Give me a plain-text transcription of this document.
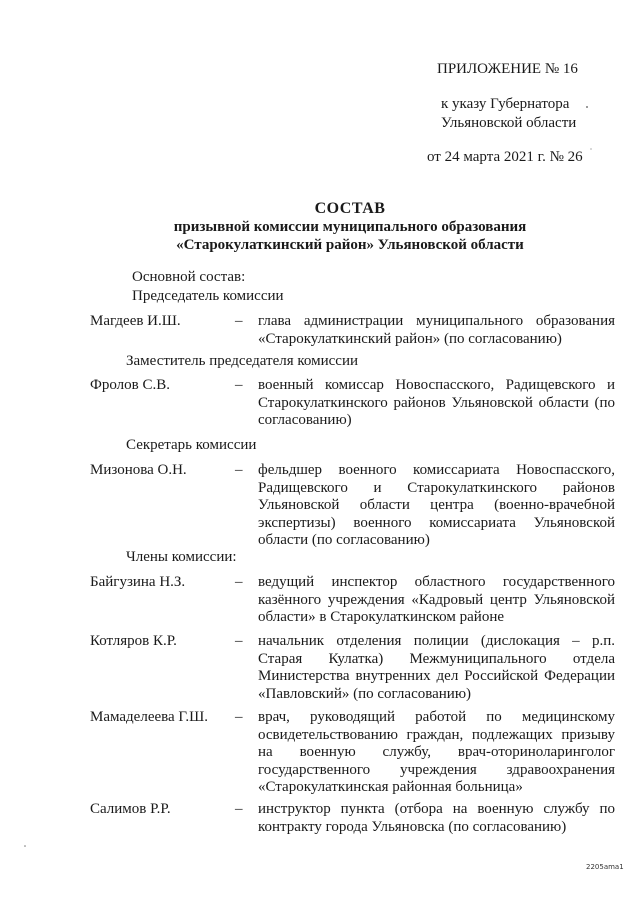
ПРИЛОЖЕНИЕ № 16
к указу Губернатора
Ульяновской области
от 24 марта 2021 г. № 26
СОСТАВ
призывной комиссии муниципального образования
«Старокулаткинский район» Ульяновской области
Основной состав:
Председатель комиссии
Магдеев И.Ш.	– глава администрации муниципального образования «Старокулаткинский район» (по согласованию)
Заместитель председателя комиссии
Фролов С.В.	– военный комиссар Новоспасского, Радищевского и Старокулаткинского районов Ульяновской области (по согласованию)
Секретарь комиссии
Мизонова О.Н.	– фельдшер военного комиссариата Новоспасского, Радищевского и Старокулаткинского районов Ульяновской области центра (военно-врачебной экспертизы) военного комиссариата Ульяновской области (по согласованию)
Члены комиссии:
Байгузина Н.З.	– ведущий инспектор областного государственного казённого учреждения «Кадровый центр Ульяновской области» в Старокулаткинском районе
Котляров К.Р.	– начальник отделения полиции (дислокация – р.п. Старая Кулатка) Межмуниципального отдела Министерства внутренних дел Российской Федерации «Павловский» (по согласованию)
Мамаделеева Г.Ш. – врач, руководящий работой по медицинскому освидетельствованию граждан, подлежащих призыву на военную службу, врач-оториноларинголог государственного учреждения здравоохранения «Старокулаткинская районная больница»
Салимов Р.Р.	– инструктор пункта (отбора на военную службу по контракту города Ульяновска (по согласованию)
2205ama1
